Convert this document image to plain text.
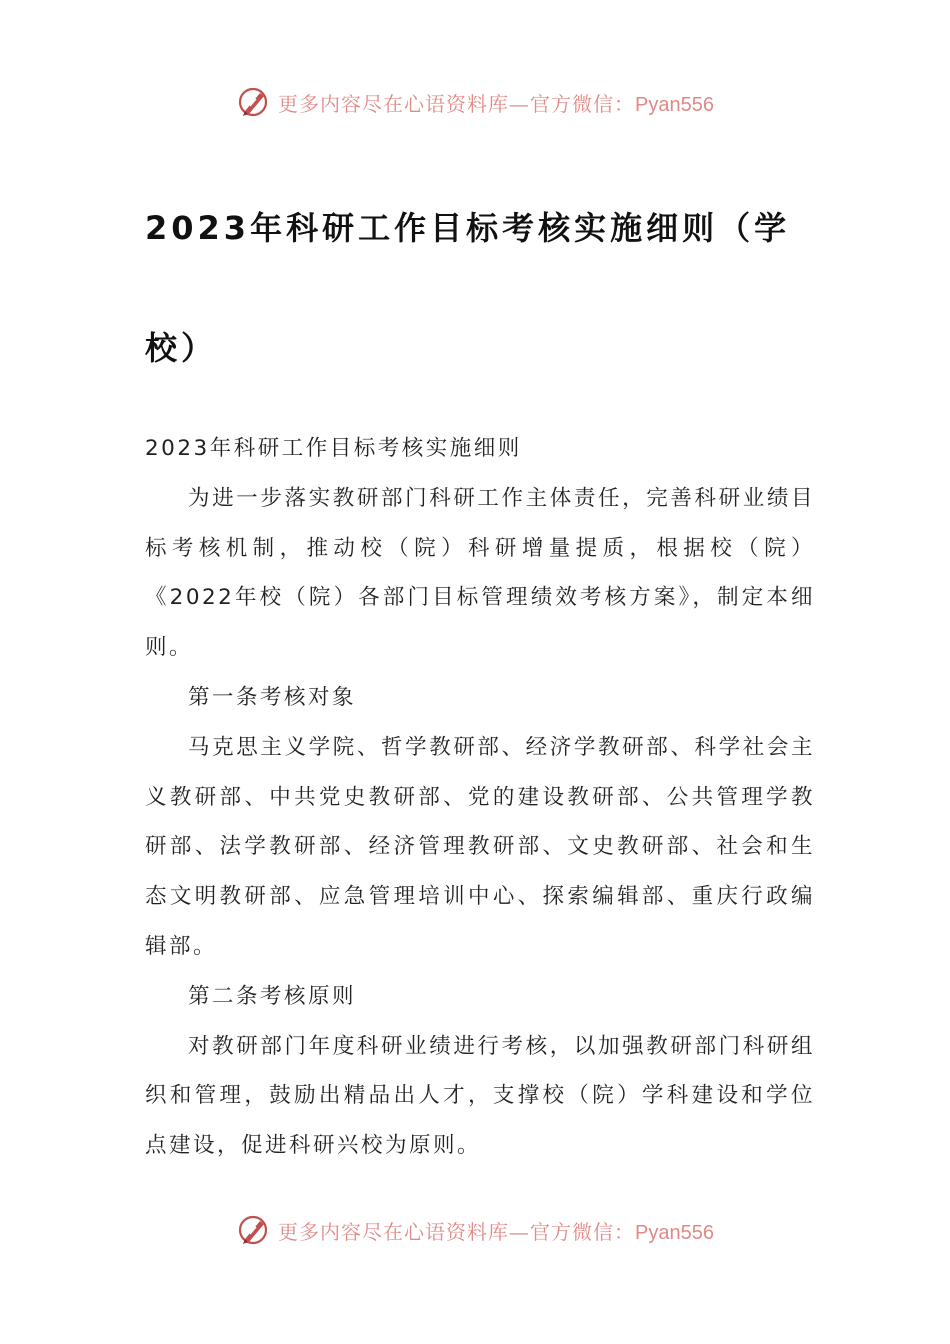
更多内容尽在心语资料库—官方微信：Pyan556
2023年科研工作目标考核实施细则（学校）

2023年科研工作目标考核实施细则

为进一步落实教研部门科研工作主体责任，完善科研业绩目标考核机制，推动校（院）科研增量提质，根据校（院）《2022年校（院）各部门目标管理绩效考核方案》，制定本细则。

第一条考核对象

马克思主义学院、哲学教研部、经济学教研部、科学社会主义教研部、中共党史教研部、党的建设教研部、公共管理学教研部、法学教研部、经济管理教研部、文史教研部、社会和生态文明教研部、应急管理培训中心、探索编辑部、重庆行政编辑部。

第二条考核原则

对教研部门年度科研业绩进行考核，以加强教研部门科研组织和管理，鼓励出精品出人才，支撑校（院）学科建设和学位点建设，促进科研兴校为原则。

更多内容尽在心语资料库—官方微信：Pyan556
